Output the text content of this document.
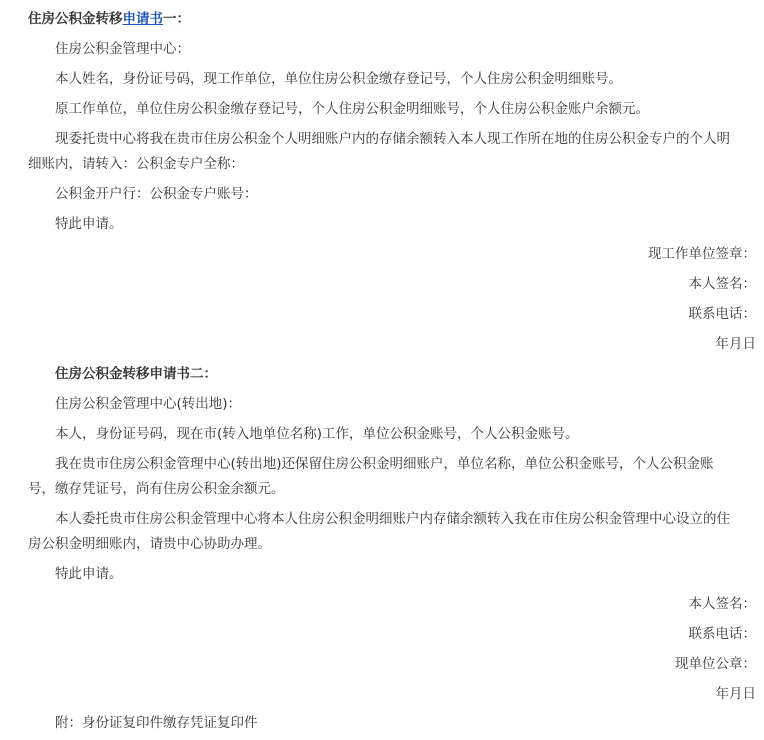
住房公积金转移申请书一：
住房公积金管理中心：
本人姓名，身份证号码，现工作单位，单位住房公积金缴存登记号，个人住房公积金明细账号。
原工作单位，单位住房公积金缴存登记号，个人住房公积金明细账号，个人住房公积金账户余额元。
现委托贵中心将我在贵市住房公积金个人明细账户内的存储余额转入本人现工作所在地的住房公积金专户的个人明
细账内，请转入：公积金专户全称：
公积金开户行：公积金专户账号：
特此申请。
现工作单位签章：
本人签名：
联系电话：
年月日
住房公积金转移申请书二：
住房公积金管理中心(转出地)：
本人，身份证号码，现在市(转入地单位名称)工作，单位公积金账号，个人公积金账号。
我在贵市住房公积金管理中心(转出地)还保留住房公积金明细账户，单位名称，单位公积金账号，个人公积金账
号，缴存凭证号，尚有住房公积金余额元。
本人委托贵市住房公积金管理中心将本人住房公积金明细账户内存储余额转入我在市住房公积金管理中心设立的住
房公积金明细账内，请贵中心协助办理。
特此申请。
本人签名：
联系电话：
现单位公章：
年月日
附：身份证复印件缴存凭证复印件
